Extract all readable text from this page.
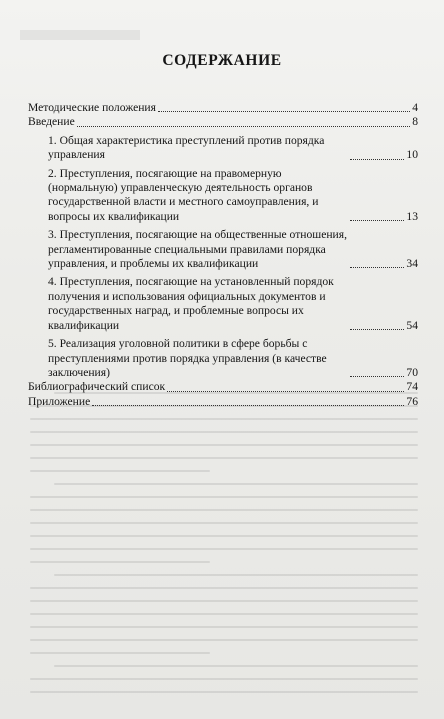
СОДЕРЖАНИЕ
Методические положения	4
Введение	8
1. Общая характеристика преступлений против порядка управления	10
2. Преступления, посягающие на правомерную (нормальную) управленческую деятельность органов государственной власти и местного самоуправления, и вопросы их квалификации	13
3. Преступления, посягающие на общественные отношения, регламентированные специальными правилами порядка управления, и проблемы их квалификации	34
4. Преступления, посягающие на установленный порядок получения и использования официальных документов и государственных наград, и проблемные вопросы их квалификации	54
5. Реализация уголовной политики в сфере борьбы с преступлениями против порядка управления (в качестве заключения)	70
Библиографический список	74
Приложение	76
